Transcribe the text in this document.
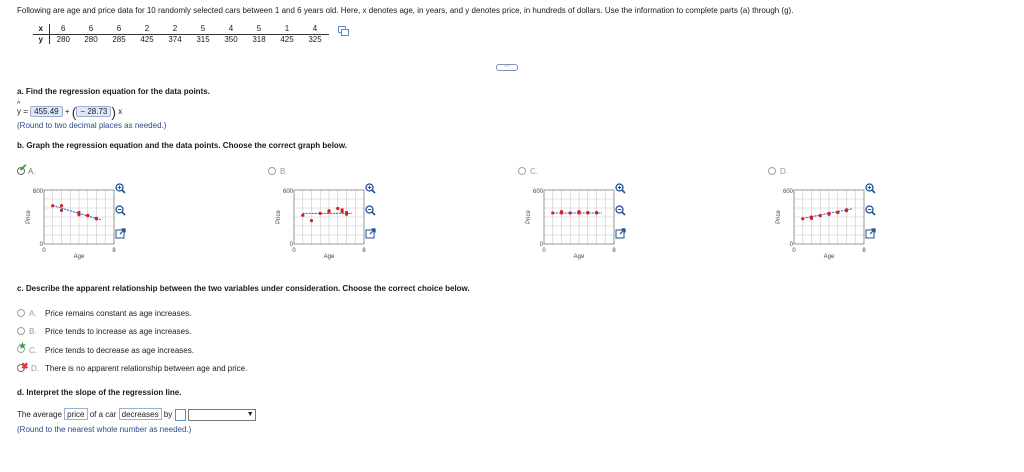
Following are age and price data for 10 randomly selected cars between 1 and 6 years old. Here, x denotes age, in years, and y denotes price, in hundreds of dollars. Use the information to complete parts (a) through (g).
x	6	6	6	2	2	5	4	5	1	4
y	280	280	285	425	374	315	350	318	425	325
⋯
a. Find the regression equation for the data points.
^ y = 455.49 + ( − 28.73 ) x
(Round to two decimal places as needed.)
b. Graph the regression equation and the data points. Choose the correct graph below.
✔ A.	B.	C.	D.
600
0
0	8
Age
Price
600
0
0	8
Age
Price
600
0
0	8
Age
Price
600
0
0	8
Age
Price
c. Describe the apparent relationship between the two variables under consideration. Choose the correct choice below.
A. Price remains constant as age increases.
B. Price tends to increase as age increases.
★ C. Price tends to decrease as age increases.
✖ D. There is no apparent relationship between age and price.
d. Interpret the slope of the regression line.
The average price of a car decreases by  ▼
(Round to the nearest whole number as needed.)
